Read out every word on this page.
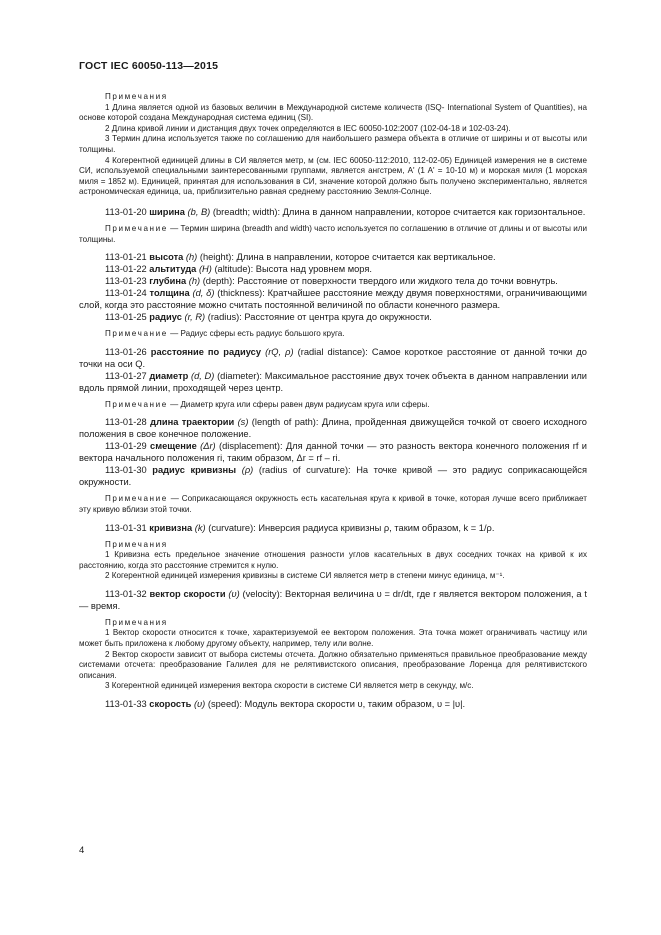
ГОСТ IEC 60050-113—2015

Примечания

1 Длина является одной из базовых величин в Международной системе количеств (ISQ- International System of Quantities), на основе которой создана Международная система единиц (SI).

2 Длина кривой линии и дистанция двух точек определяются в IEC 60050-102:2007 (102-04-18 и 102-03-24).

3 Термин длина используется также по соглашению для наибольшего размера объекта в отличие от ширины и от высоты или толщины.

4 Когерентной единицей длины в СИ является метр, м (см. IEC 60050-112:2010, 112-02-05) Единицей измерения не в системе СИ, используемой специальными заинтересованными группами, является ангстрем, A' (1 A' = 10-10 м) и морская миля (1 морская миля = 1852 м). Единицей, принятая для использования в СИ, значение которой должно быть получено экспериментально, является астрономическая единица, ua, приблизительно равная среднему расстоянию Земля-Солнце.

113-01-20 ширина (b, B) (breadth; width): Длина в данном направлении, которое считается как горизонтальное.

Примечание — Термин ширина (breadth and width) часто используется по соглашению в отличие от длины и от высоты или толщины.

113-01-21 высота (h) (height): Длина в направлении, которое считается как вертикальное.

113-01-22 альтитуда (H) (altitude): Высота над уровнем моря.

113-01-23 глубина (h) (depth): Расстояние от поверхности твердого или жидкого тела до точки вовнутрь.

113-01-24 толщина (d, δ) (thickness): Кратчайшее расстояние между двумя поверхностями, ограничивающими слой, когда это расстояние можно считать постоянной величиной по области конечного размера.

113-01-25 радиус (r, R) (radius): Расстояние от центра круга до окружности.

Примечание — Радиус сферы есть радиус большого круга.

113-01-26 расстояние по радиусу (rQ, ρ) (radial distance): Самое короткое расстояние от данной точки до точки на оси Q.

113-01-27 диаметр (d, D) (diameter): Максимальное расстояние двух точек объекта в данном направлении или вдоль прямой линии, проходящей через центр.

Примечание — Диаметр круга или сферы равен двум радиусам круга или сферы.

113-01-28 длина траектории (s) (length of path): Длина, пройденная движущейся точкой от своего исходного положения в свое конечное положение.

113-01-29 смещение (Δr) (displacement): Для данной точки — это разность вектора конечного положения rf и вектора начального положения ri, таким образом, Δr = rf – ri.

113-01-30 радиус кривизны (ρ) (radius of curvature): На точке кривой — это радиус соприкасающейся окружности.

Примечание — Соприкасающаяся окружность есть касательная круга к кривой в точке, которая лучше всего приближает эту кривую вблизи этой точки.

113-01-31 кривизна (k) (curvature): Инверсия радиуса кривизны ρ, таким образом, k = 1/ρ.

Примечания

1 Кривизна есть предельное значение отношения разности углов касательных в двух соседних точках на кривой к их расстоянию, когда это расстояние стремится к нулю.

2 Когерентной единицей измерения кривизны в системе СИ является метр в степени минус единица, м⁻¹.

113-01-32 вектор скорости (υ) (velocity): Векторная величина υ = dr/dt, где r является вектором положения, a t — время.

Примечания

1 Вектор скорости относится к точке, характеризуемой ее вектором положения. Эта точка может ограничивать частицу или может быть приложена к любому другому объекту, например, телу или волне.

2 Вектор скорости зависит от выбора системы отсчета. Должно обязательно применяться правильное преобразование между системами отсчета: преобразование Галилея для не релятивистского описания, преобразование Лоренца для релятивистского описания.

3 Когерентной единицей измерения вектора скорости в системе СИ является метр в секунду, м/с.

113-01-33 скорость (υ) (speed): Модуль вектора скорости υ, таким образом, υ = |υ|.

4
